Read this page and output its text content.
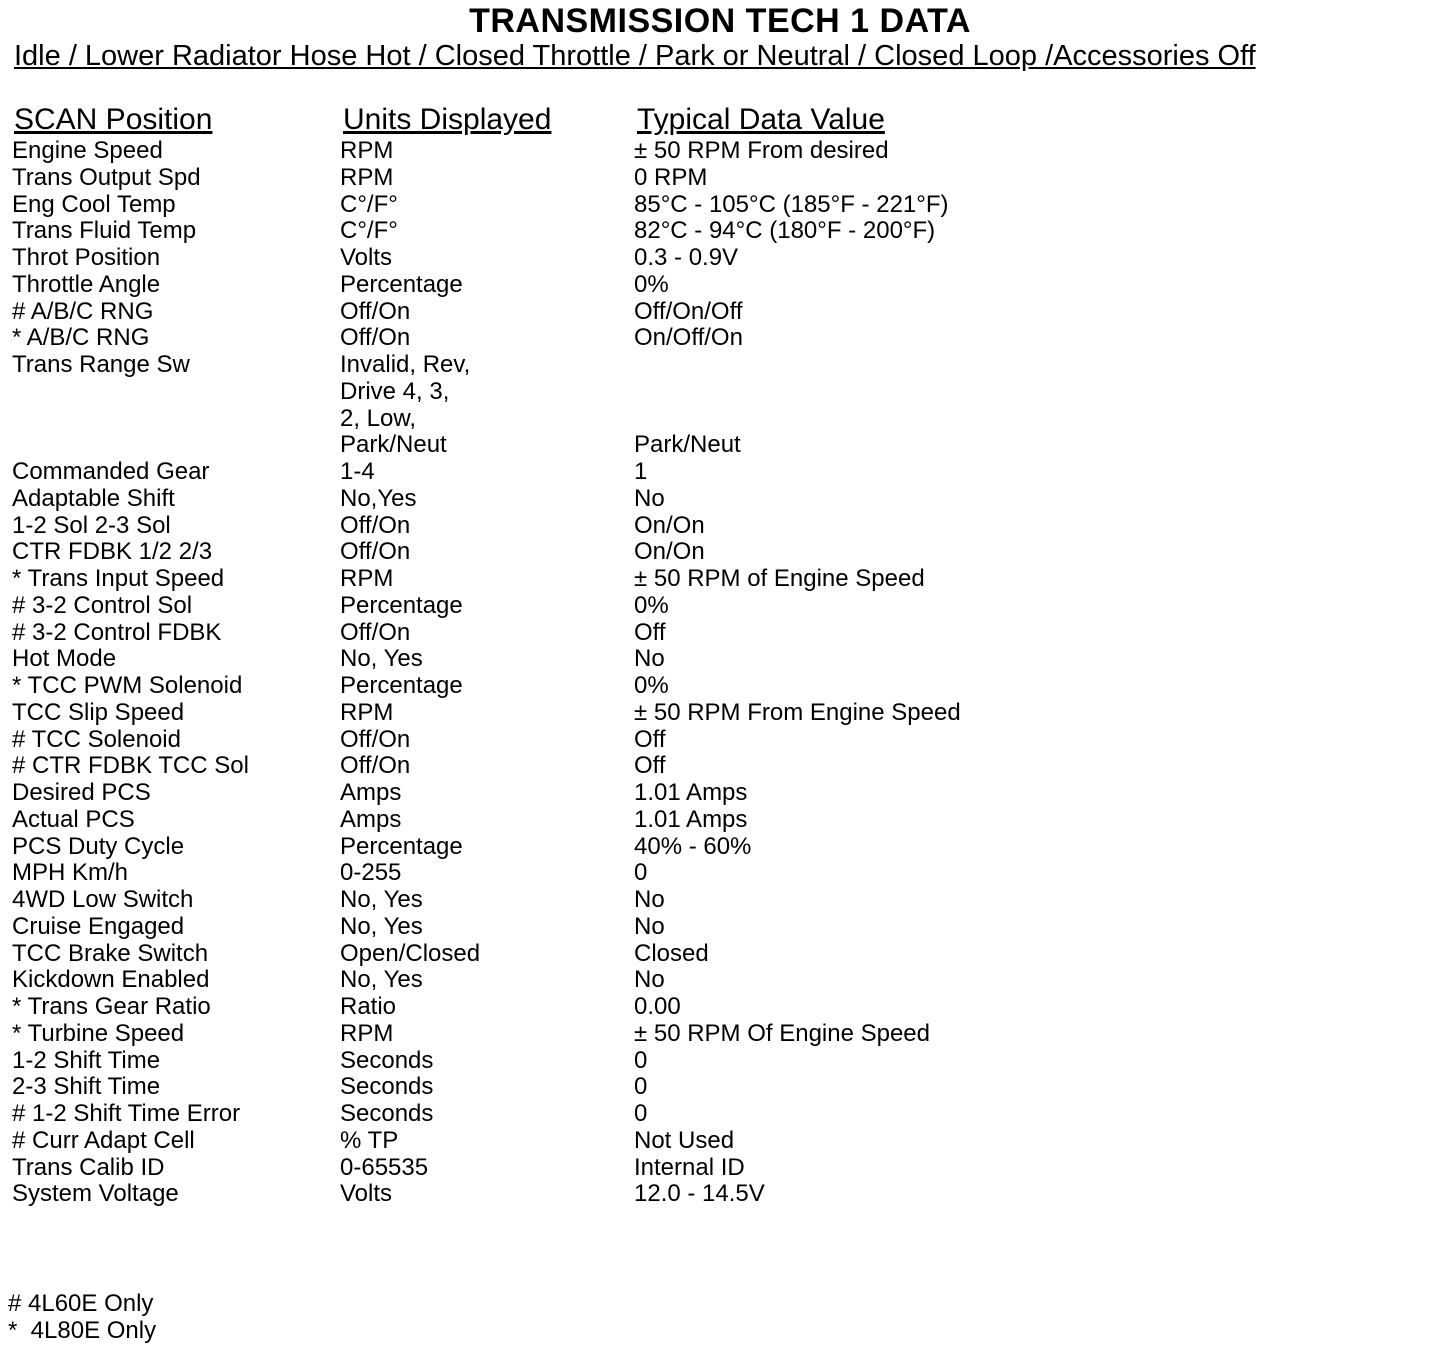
TRANSMISSION TECH 1 DATA
Idle / Lower Radiator Hose Hot / Closed Throttle / Park or Neutral / Closed Loop /Accessories Off
SCAN Position	Units Displayed	Typical Data Value
Engine Speed	RPM	± 50 RPM From desired
Trans Output Spd	RPM	0 RPM
Eng Cool Temp	C°/F°	85°C - 105°C (185°F - 221°F)
Trans Fluid Temp	C°/F°	82°C - 94°C (180°F - 200°F)
Throt Position	Volts	0.3 - 0.9V
Throttle Angle	Percentage	0%
# A/B/C RNG	Off/On	Off/On/Off
* A/B/C RNG	Off/On	On/Off/On
Trans Range Sw	Invalid, Rev,
Drive 4, 3,
2, Low,
Park/Neut	Park/Neut
Commanded Gear	1-4	1
Adaptable Shift	No,Yes	No
1-2 Sol 2-3 Sol	Off/On	On/On
CTR FDBK 1/2 2/3	Off/On	On/On
* Trans Input Speed	RPM	± 50 RPM of Engine Speed
# 3-2 Control Sol	Percentage	0%
# 3-2 Control FDBK	Off/On	Off
Hot Mode	No, Yes	No
* TCC PWM Solenoid	Percentage	0%
TCC Slip Speed	RPM	± 50 RPM From Engine Speed
# TCC Solenoid	Off/On	Off
# CTR FDBK TCC Sol	Off/On	Off
Desired PCS	Amps	1.01 Amps
Actual PCS	Amps	1.01 Amps
PCS Duty Cycle	Percentage	40% - 60%
MPH Km/h	0-255	0
4WD Low Switch	No, Yes	No
Cruise Engaged	No, Yes	No
TCC Brake Switch	Open/Closed	Closed
Kickdown Enabled	No, Yes	No
* Trans Gear Ratio	Ratio	0.00
* Turbine Speed	RPM	± 50 RPM Of Engine Speed
1-2 Shift Time	Seconds	0
2-3 Shift Time	Seconds	0
# 1-2 Shift Time Error	Seconds	0
# Curr Adapt Cell	% TP	Not Used
Trans Calib ID	0-65535	Internal ID
System Voltage	Volts	12.0 - 14.5V
# 4L60E Only
*  4L80E Only
